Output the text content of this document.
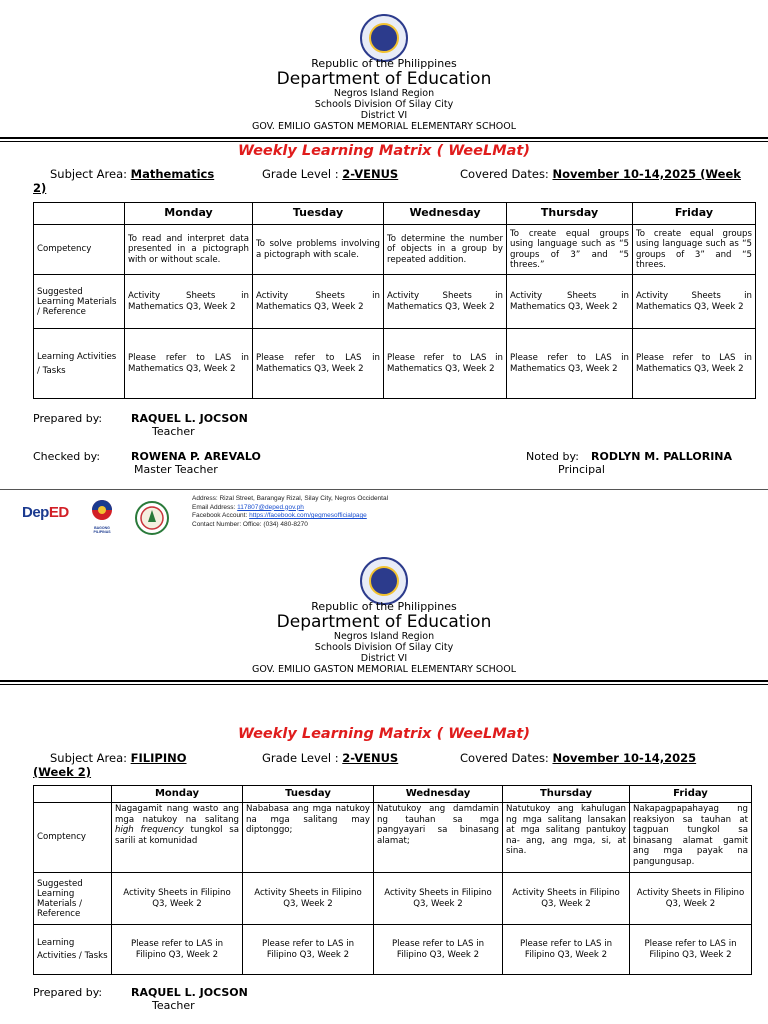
Republic of the Philippines
Department of Education
Negros Island Region
Schools Division Of Silay City
District VI
GOV. EMILIO GASTON MEMORIAL ELEMENTARY SCHOOL
Weekly Learning Matrix ( WeeLMat)
Subject Area: Mathematics	Grade Level : 2-VENUS	Covered Dates: November 10-14,2025 (Week
2)
	Monday	Tuesday	Wednesday	Thursday	Friday
Competency	To read and interpret data presented in a pictograph with or without scale.	To solve problems involving a pictograph with scale.	To determine the number of objects in a group by repeated addition.	To create equal groups using language such as “5 groups of 3” and “5 threes.”	To create equal groups using language such as “5 groups of 3” and “5 threes.
Suggested Learning Materials / Reference	Activity Sheets in Mathematics Q3, Week 2	Activity Sheets in Mathematics Q3, Week 2	Activity Sheets in Mathematics Q3, Week 2	Activity Sheets in Mathematics Q3, Week 2	Activity Sheets in Mathematics Q3, Week 2
Learning Activities / Tasks	Please refer to LAS in Mathematics Q3, Week 2	Please refer to LAS in Mathematics Q3, Week 2	Please refer to LAS in Mathematics Q3, Week 2	Please refer to LAS in Mathematics Q3, Week 2	Please refer to LAS in Mathematics Q3, Week 2
Prepared by:	RAQUEL L. JOCSON
Teacher
Checked by:	ROWENA P. AREVALO
Master Teacher
Noted by: RODLYN M. PALLORINA
Principal
DepED
BAGONG PILIPINAS
Address: Rizal Street, Barangay Rizal, Silay City, Negros Occidental
Email Address: 117807@deped.gov.ph
Facebook Account: https://facebook.com/gegmesofficialpage
Contact Number: Office: (034) 480-8270
Republic of the Philippines
Department of Education
Negros Island Region
Schools Division Of Silay City
District VI
GOV. EMILIO GASTON MEMORIAL ELEMENTARY SCHOOL
Weekly Learning Matrix ( WeeLMat)
Subject Area: FILIPINO	Grade Level : 2-VENUS	Covered Dates: November 10-14,2025
(Week 2)
	Monday	Tuesday	Wednesday	Thursday	Friday
Comptency	Nagagamit nang wasto ang mga natukoy na salitang high frequency tungkol sa sarili at komunidad	Nababasa ang mga natukoy na mga salitang may diptonggo;	Natutukoy ang damdamin ng tauhan sa mga pangyayari sa binasang alamat;	Natutukoy ang kahulugan ng mga salitang lansakan at mga salitang pantukoy na- ang, ang mga, si, at sina.	Nakapagpapahayag ng reaksiyon sa tauhan at tagpuan tungkol sa binasang alamat gamit ang mga payak na pangungusap.
Suggested Learning Materials / Reference	Activity Sheets in Filipino Q3, Week 2	Activity Sheets in Filipino Q3, Week 2	Activity Sheets in Filipino Q3, Week 2	Activity Sheets in Filipino Q3, Week 2	Activity Sheets in Filipino Q3, Week 2
Learning Activities / Tasks	Please refer to LAS in Filipino Q3, Week 2	Please refer to LAS in Filipino Q3, Week 2	Please refer to LAS in Filipino Q3, Week 2	Please refer to LAS in Filipino Q3, Week 2	Please refer to LAS in Filipino Q3, Week 2
Prepared by:	RAQUEL L. JOCSON
Teacher
